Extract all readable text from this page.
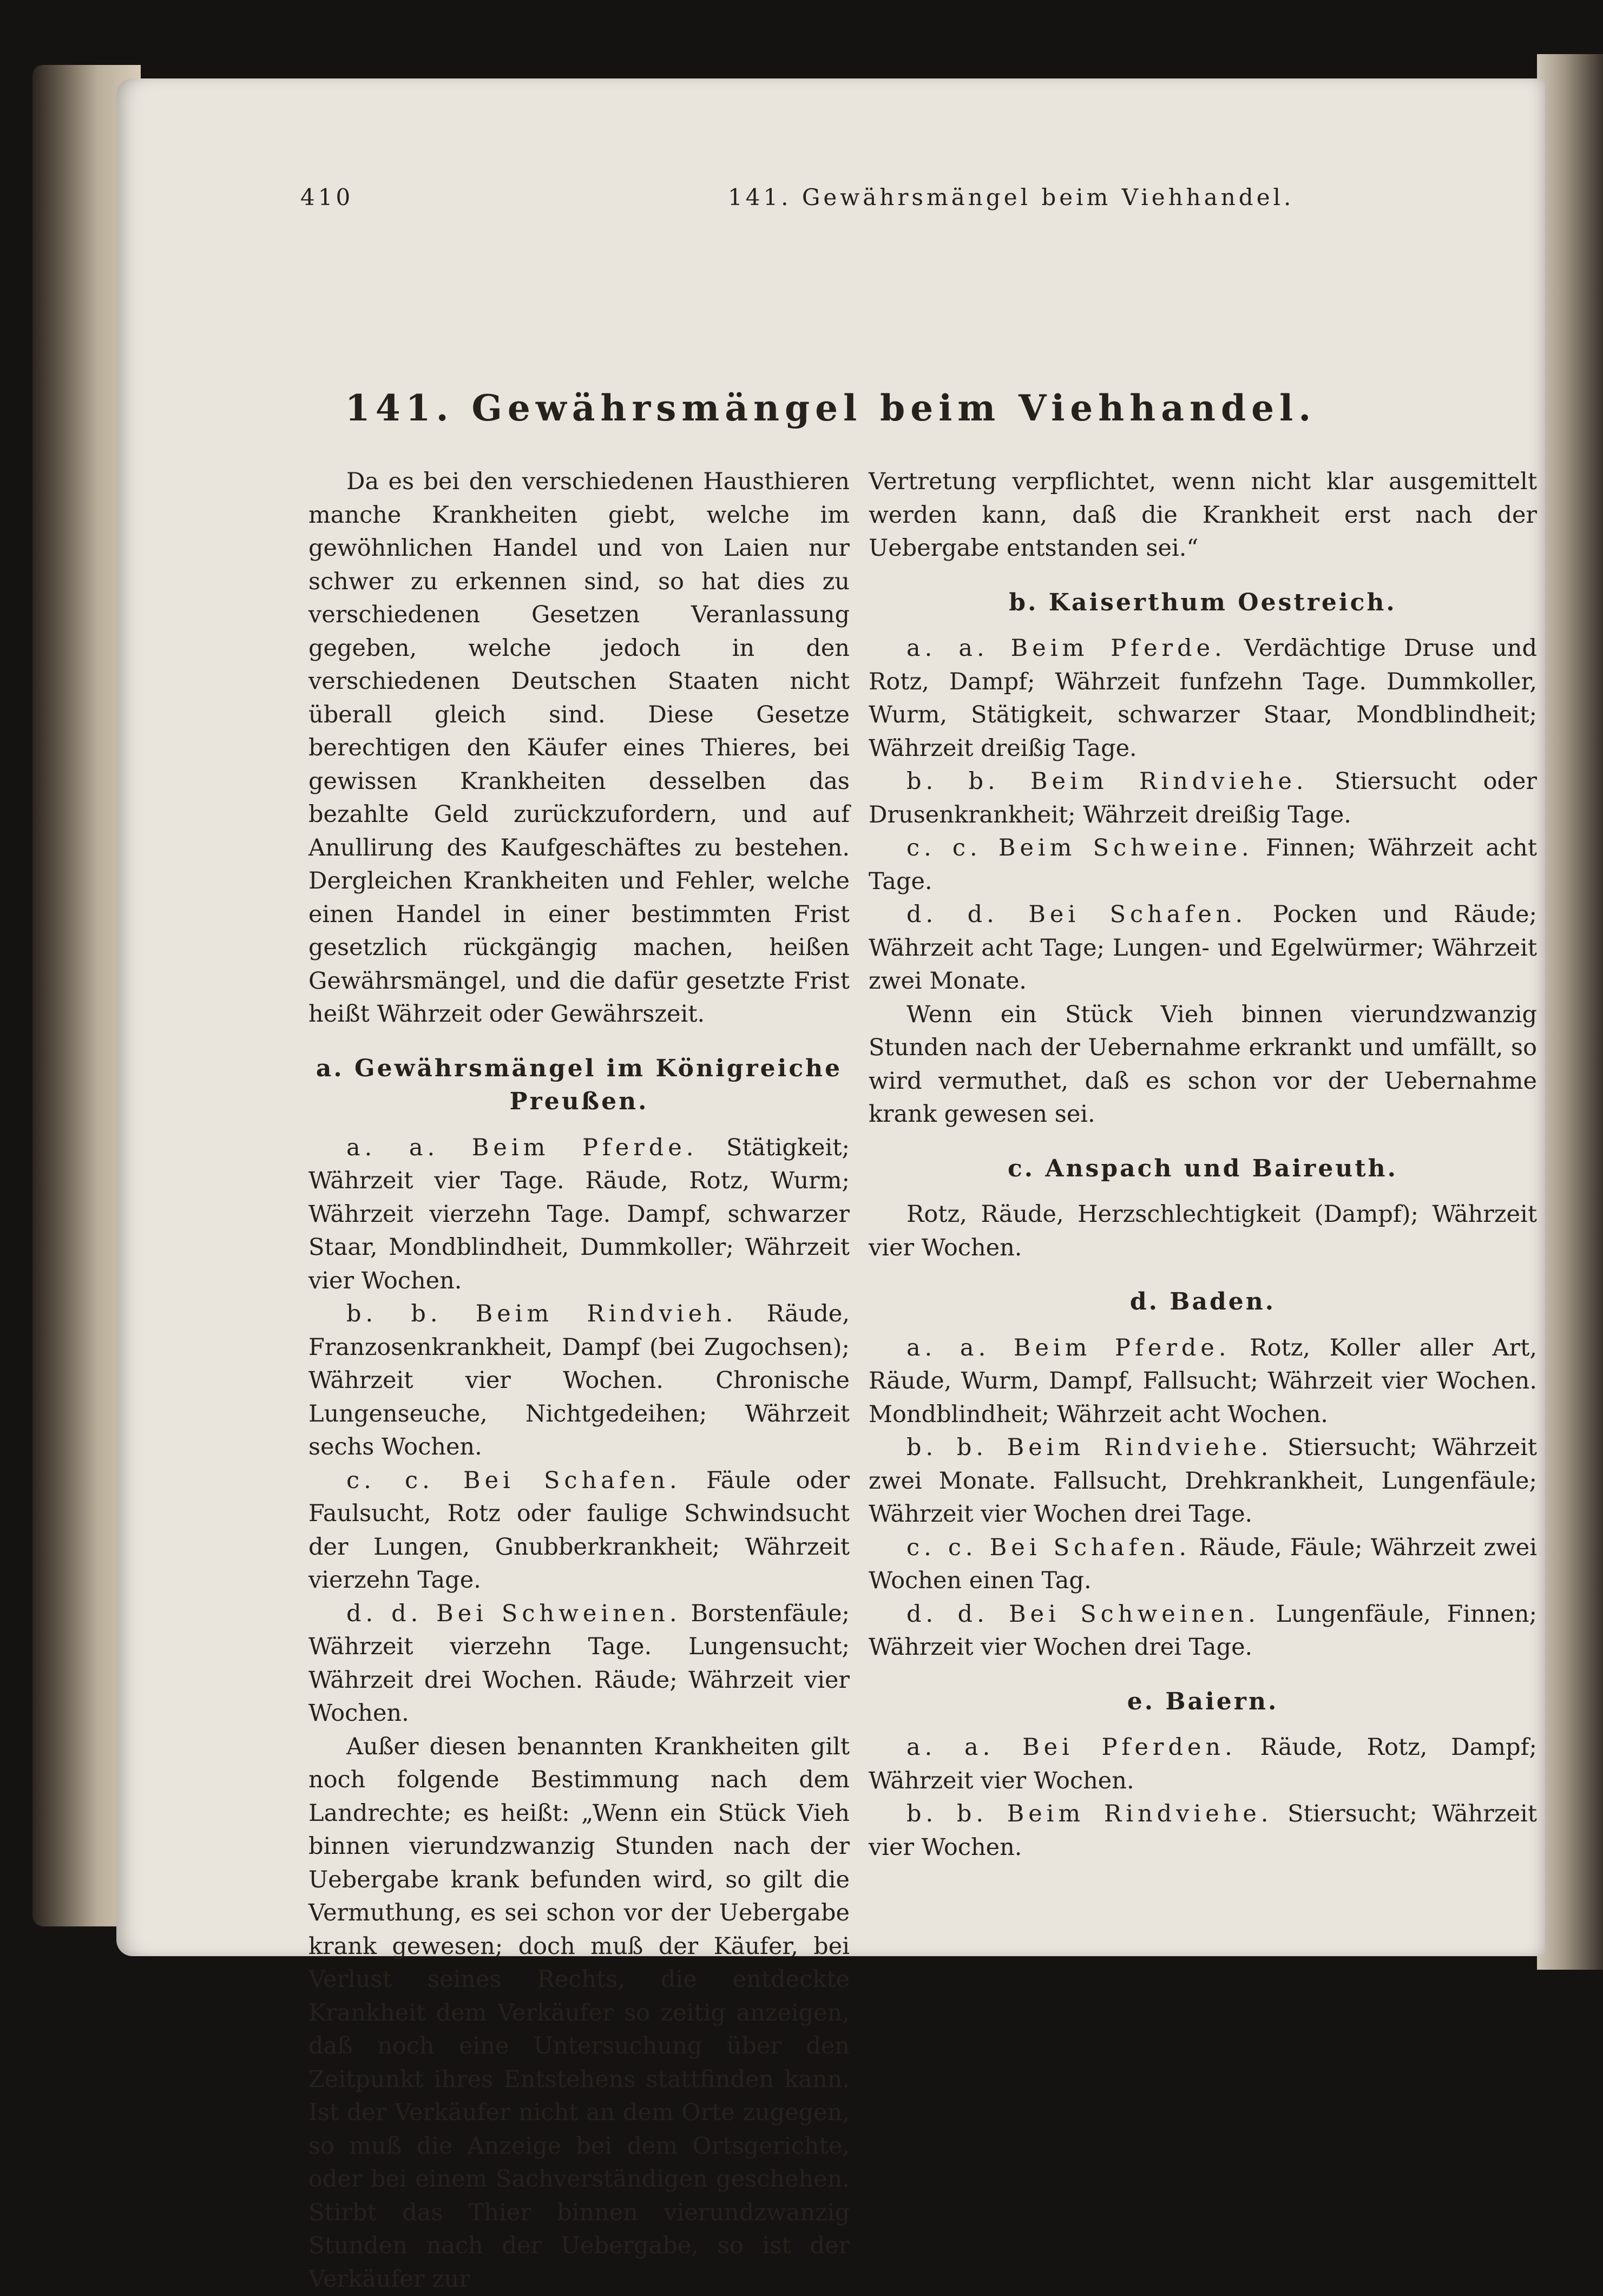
410	141. Gewährsmängel beim Viehhandel.
141. Gewährsmängel beim Viehhandel.

Da es bei den verschiedenen Hausthieren manche Krankheiten giebt, welche im gewöhnlichen Handel und von Laien nur schwer zu erkennen sind, so hat dies zu verschiedenen Gesetzen Veranlassung gegeben, welche jedoch in den verschiedenen Deutschen Staaten nicht überall gleich sind. Diese Gesetze berechtigen den Käufer eines Thieres, bei gewissen Krankheiten desselben das bezahlte Geld zurückzufordern, und auf Anullirung des Kaufgeschäftes zu bestehen. Dergleichen Krankheiten und Fehler, welche einen Handel in einer bestimmten Frist gesetzlich rückgängig machen, heißen Gewährsmängel, und die dafür gesetzte Frist heißt Währzeit oder Gewährszeit.

a. Gewährsmängel im Königreiche Preußen.

a. a. Beim Pferde. Stätigkeit; Währzeit vier Tage. Räude, Rotz, Wurm; Währzeit vierzehn Tage. Dampf, schwarzer Staar, Mondblindheit, Dummkoller; Währzeit vier Wochen.

b. b. Beim Rindvieh. Räude, Franzosenkrankheit, Dampf (bei Zugochsen); Währzeit vier Wochen. Chronische Lungenseuche, Nichtgedeihen; Währzeit sechs Wochen.

c. c. Bei Schafen. Fäule oder Faulsucht, Rotz oder faulige Schwindsucht der Lungen, Gnubberkrankheit; Währzeit vierzehn Tage.

d. d. Bei Schweinen. Borstenfäule; Währzeit vierzehn Tage. Lungensucht; Währzeit drei Wochen. Räude; Währzeit vier Wochen.

Außer diesen benannten Krankheiten gilt noch folgende Bestimmung nach dem Landrechte; es heißt: „Wenn ein Stück Vieh binnen vierundzwanzig Stunden nach der Uebergabe krank befunden wird, so gilt die Vermuthung, es sei schon vor der Uebergabe krank gewesen; doch muß der Käufer, bei Verlust seines Rechts, die entdeckte Krankheit dem Verkäufer so zeitig anzeigen, daß noch eine Untersuchung über den Zeitpunkt ihres Entstehens stattfinden kann. Ist der Verkäufer nicht an dem Orte zugegen, so muß die Anzeige bei dem Ortsgerichte, oder bei einem Sachverständigen geschehen. Stirbt das Thier binnen vierundzwanzig Stunden nach der Uebergabe, so ist der Verkäufer zur

Vertretung verpflichtet, wenn nicht klar ausgemittelt werden kann, daß die Krankheit erst nach der Uebergabe entstanden sei.“

b. Kaiserthum Oestreich.

a. a. Beim Pferde. Verdächtige Druse und Rotz, Dampf; Währzeit funfzehn Tage. Dummkoller, Wurm, Stätigkeit, schwarzer Staar, Mondblindheit; Währzeit dreißig Tage.

b. b. Beim Rindviehe. Stiersucht oder Drusenkrankheit; Währzeit dreißig Tage.

c. c. Beim Schweine. Finnen; Währzeit acht Tage.

d. d. Bei Schafen. Pocken und Räude; Währzeit acht Tage; Lungen- und Egelwürmer; Währzeit zwei Monate.

Wenn ein Stück Vieh binnen vierundzwanzig Stunden nach der Uebernahme erkrankt und umfällt, so wird vermuthet, daß es schon vor der Uebernahme krank gewesen sei.

c. Anspach und Baireuth.

Rotz, Räude, Herzschlechtigkeit (Dampf); Währzeit vier Wochen.

d. Baden.

a. a. Beim Pferde. Rotz, Koller aller Art, Räude, Wurm, Dampf, Fallsucht; Währzeit vier Wochen. Mondblindheit; Währzeit acht Wochen.

b. b. Beim Rindviehe. Stiersucht; Währzeit zwei Monate. Fallsucht, Drehkrankheit, Lungenfäule; Währzeit vier Wochen drei Tage.

c. c. Bei Schafen. Räude, Fäule; Währzeit zwei Wochen einen Tag.

d. d. Bei Schweinen. Lungenfäule, Finnen; Währzeit vier Wochen drei Tage.

e. Baiern.

a. a. Bei Pferden. Räude, Rotz, Dampf; Währzeit vier Wochen.

b. b. Beim Rindviehe. Stiersucht; Währzeit vier Wochen.
